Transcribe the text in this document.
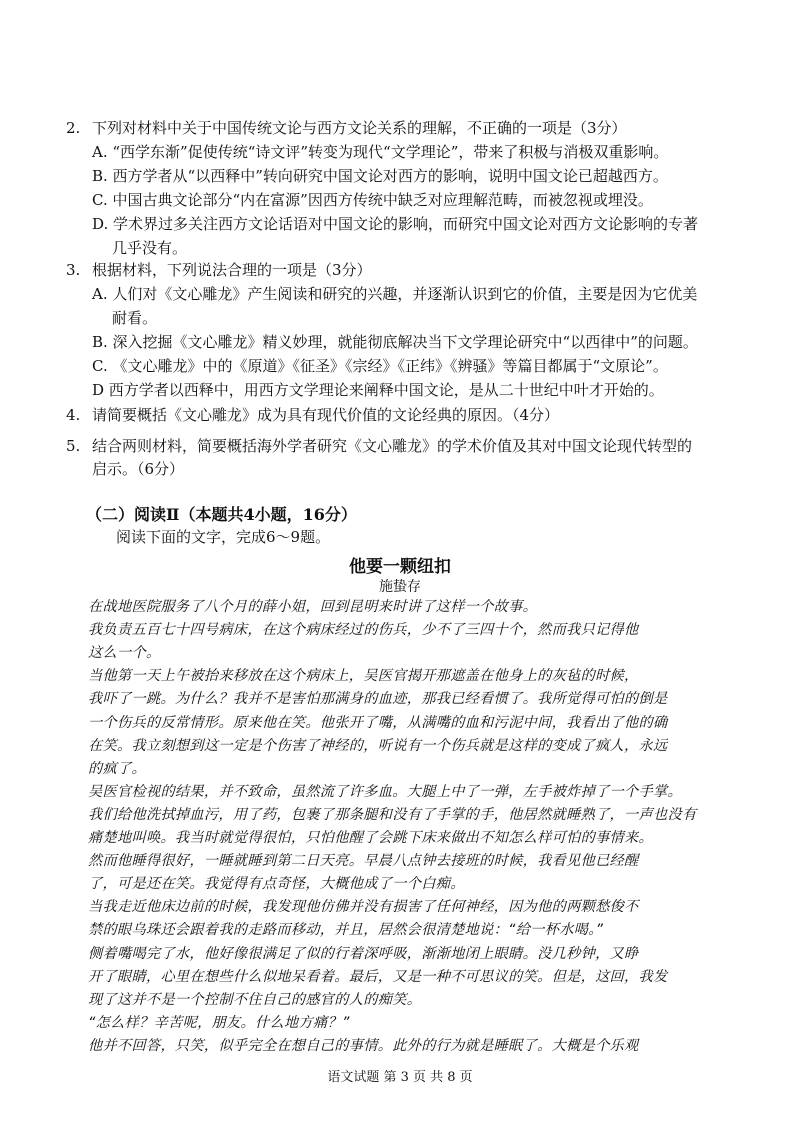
2. 下列对材料中关于中国传统文论与西方文论关系的理解，不正确的一项是（3分）
A. “西学东渐”促使传统“诗文评”转变为现代“文学理论”，带来了积极与消极双重影响。
B. 西方学者从“以西释中”转向研究中国文论对西方的影响，说明中国文论已超越西方。
C. 中国古典文论部分“内在富源”因西方传统中缺乏对应理解范畴，而被忽视或埋没。
D. 学术界过多关注西方文论话语对中国文论的影响，而研究中国文论对西方文论影响的专著
几乎没有。
3. 根据材料，下列说法合理的一项是（3分）
A. 人们对《文心雕龙》产生阅读和研究的兴趣，并逐渐认识到它的价值，主要是因为它优美
耐看。
B. 深入挖掘《文心雕龙》精义妙理，就能彻底解决当下文学理论研究中“以西律中”的问题。
C. 《文心雕龙》中的《原道》《征圣》《宗经》《正纬》《辨骚》等篇目都属于“文原论”。
D 西方学者以西释中，用西方文学理论来阐释中国文论，是从二十世纪中叶才开始的。
4. 请简要概括《文心雕龙》成为具有现代价值的文论经典的原因。（4分）
5. 结合两则材料，简要概括海外学者研究《文心雕龙》的学术价值及其对中国文论现代转型的
启示。（6分）
（二）阅读Ⅱ（本题共4小题，16分）
阅读下面的文字，完成6～9题。
他要一颗纽扣
施蛰存
在战地医院服务了八个月的薛小姐，回到昆明来时讲了这样一个故事。
我负责五百七十四号病床，在这个病床经过的伤兵，少不了三四十个，然而我只记得他
这么一个。
当他第一天上午被抬来移放在这个病床上，吴医官揭开那遮盖在他身上的灰毡的时候，
我吓了一跳。为什么？我并不是害怕那满身的血迹，那我已经看惯了。我所觉得可怕的倒是
一个伤兵的反常情形。原来他在笑。他张开了嘴，从满嘴的血和污泥中间，我看出了他的确
在笑。我立刻想到这一定是个伤害了神经的，听说有一个伤兵就是这样的变成了疯人，永远
的疯了。
吴医官检视的结果，并不致命，虽然流了许多血。大腿上中了一弹，左手被炸掉了一个手掌。
我们给他洗拭掉血污，用了药，包裹了那条腿和没有了手掌的手，他居然就睡熟了，一声也没有
痛楚地叫唤。我当时就觉得很怕，只怕他醒了会跳下床来做出不知怎么样可怕的事情来。
然而他睡得很好，一睡就睡到第二日天亮。早晨八点钟去接班的时候，我看见他已经醒
了，可是还在笑。我觉得有点奇怪，大概他成了一个白痴。
当我走近他床边前的时候，我发现他仿佛并没有损害了任何神经，因为他的两颗愁俊不
禁的眼乌珠还会跟着我的走路而移动，并且，居然会很清楚地说：“给一杯水喝。”
侧着嘴喝完了水，他好像很满足了似的行着深呼吸，渐渐地闭上眼睛。没几秒钟，又睁
开了眼睛，心里在想些什么似地呆看着。最后，又是一种不可思议的笑。但是，这回，我发
现了这并不是一个控制不住自己的感官的人的痴笑。
“怎么样？辛苦呢，朋友。什么地方痛？”
他并不回答，只笑，似乎完全在想自己的事情。此外的行为就是睡眠了。大概是个乐观
语文试题 第 3 页 共 8 页
